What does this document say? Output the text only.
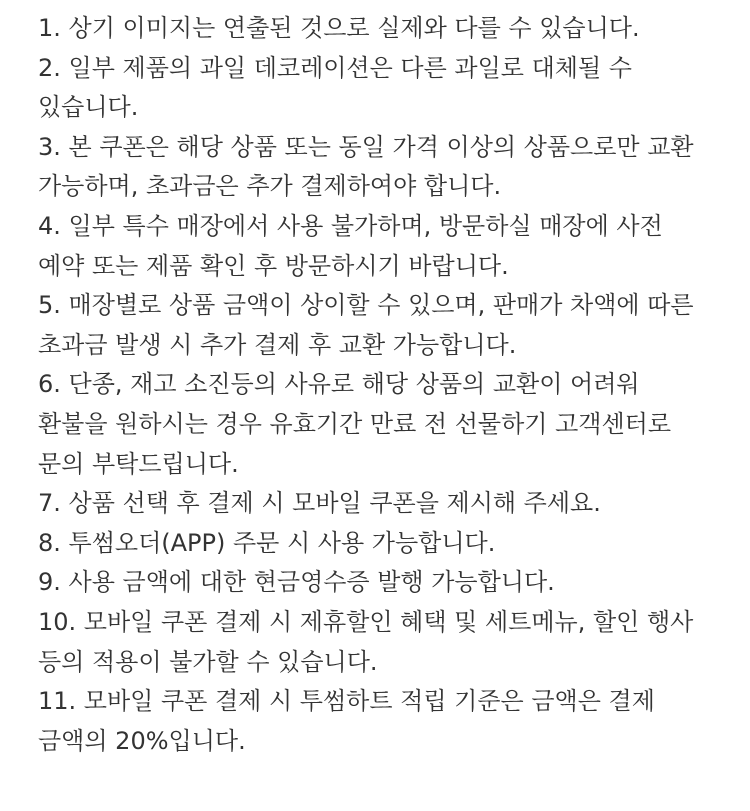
1. 상기 이미지는 연출된 것으로 실제와 다를 수 있습니다.

2. 일부 제품의 과일 데코레이션은 다른 과일로 대체될 수 있습니다.

3. 본 쿠폰은 해당 상품 또는 동일 가격 이상의 상품으로만 교환 가능하며, 초과금은 추가 결제하여야 합니다.

4. 일부 특수 매장에서 사용 불가하며, 방문하실 매장에 사전 예약 또는 제품 확인 후 방문하시기 바랍니다.

5. 매장별로 상품 금액이 상이할 수 있으며, 판매가 차액에 따른 초과금 발생 시 추가 결제 후 교환 가능합니다.

6. 단종, 재고 소진등의 사유로 해당 상품의 교환이 어려워 환불을 원하시는 경우 유효기간 만료 전 선물하기 고객센터로 문의 부탁드립니다.

7. 상품 선택 후 결제 시 모바일 쿠폰을 제시해 주세요.

8. 투썸오더(APP) 주문 시 사용 가능합니다.

9. 사용 금액에 대한 현금영수증 발행 가능합니다.

10. 모바일 쿠폰 결제 시 제휴할인 혜택 및 세트메뉴, 할인 행사 등의 적용이 불가할 수 있습니다.

11. 모바일 쿠폰 결제 시 투썸하트 적립 기준은 금액은 결제 금액의 20%입니다.
